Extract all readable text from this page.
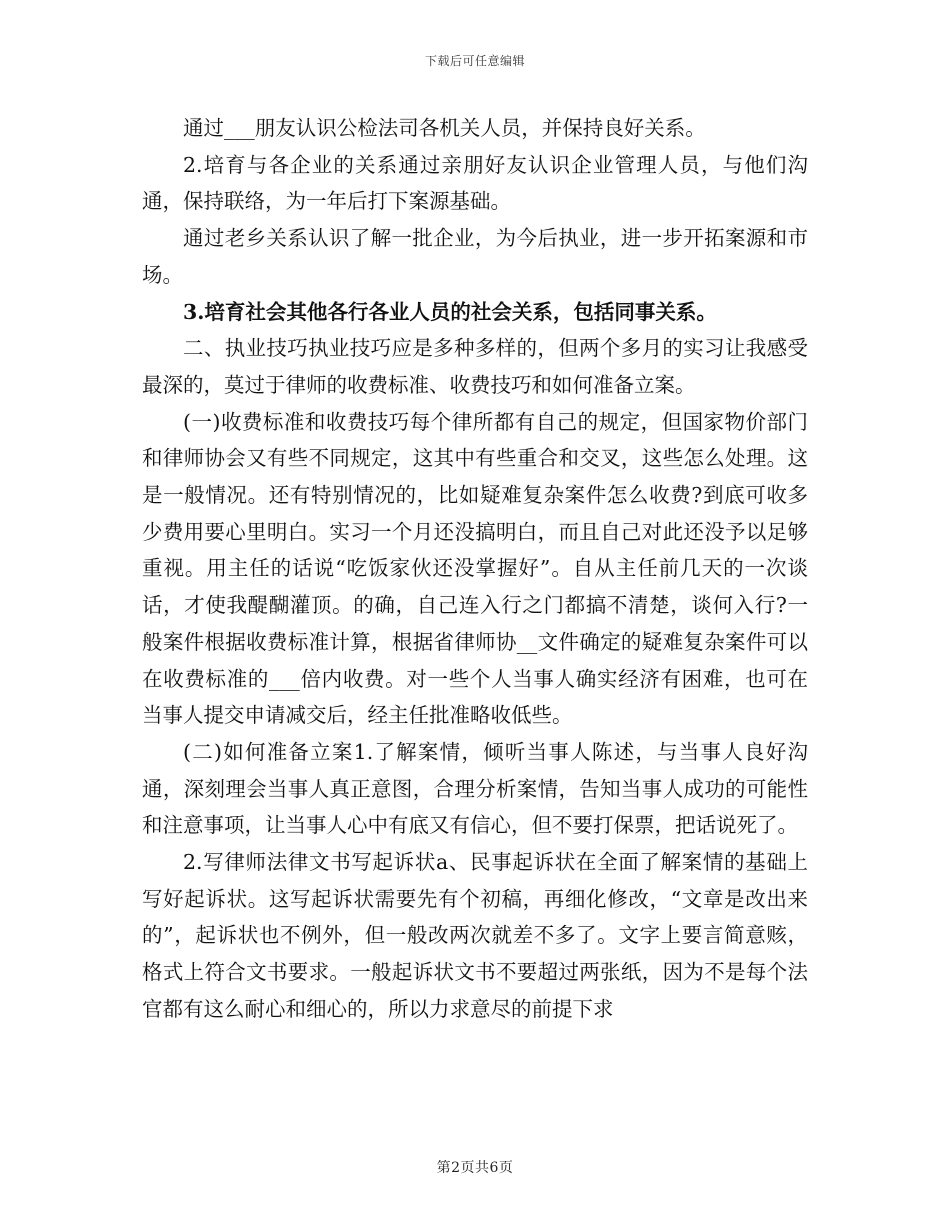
下载后可任意编辑

通过___朋友认识公检法司各机关人员，并保持良好关系。

2.培育与各企业的关系通过亲朋好友认识企业管理人员，与他们沟通，保持联络，为一年后打下案源基础。

通过老乡关系认识了解一批企业，为今后执业，进一步开拓案源和市场。

3.培育社会其他各行各业人员的社会关系，包括同事关系。

二、执业技巧执业技巧应是多种多样的，但两个多月的实习让我感受最深的，莫过于律师的收费标准、收费技巧和如何准备立案。

(一)收费标准和收费技巧每个律所都有自己的规定，但国家物价部门和律师协会又有些不同规定，这其中有些重合和交叉，这些怎么处理。这是一般情况。还有特别情况的，比如疑难复杂案件怎么收费?到底可收多少费用要心里明白。实习一个月还没搞明白，而且自己对此还没予以足够重视。用主任的话说“吃饭家伙还没掌握好”。自从主任前几天的一次谈话，才使我醍醐灌顶。的确，自己连入行之门都搞不清楚，谈何入行?一般案件根据收费标准计算，根据省律师协__文件确定的疑难复杂案件可以在收费标准的___倍内收费。对一些个人当事人确实经济有困难，也可在当事人提交申请减交后，经主任批准略收低些。

(二)如何准备立案1.了解案情，倾听当事人陈述，与当事人良好沟通，深刻理会当事人真正意图，合理分析案情，告知当事人成功的可能性和注意事项，让当事人心中有底又有信心，但不要打保票，把话说死了。

2.写律师法律文书写起诉状a、民事起诉状在全面了解案情的基础上写好起诉状。这写起诉状需要先有个初稿，再细化修改，“文章是改出来的”，起诉状也不例外，但一般改两次就差不多了。文字上要言简意赅，格式上符合文书要求。一般起诉状文书不要超过两张纸，因为不是每个法官都有这么耐心和细心的，所以力求意尽的前提下求

第2页共6页
